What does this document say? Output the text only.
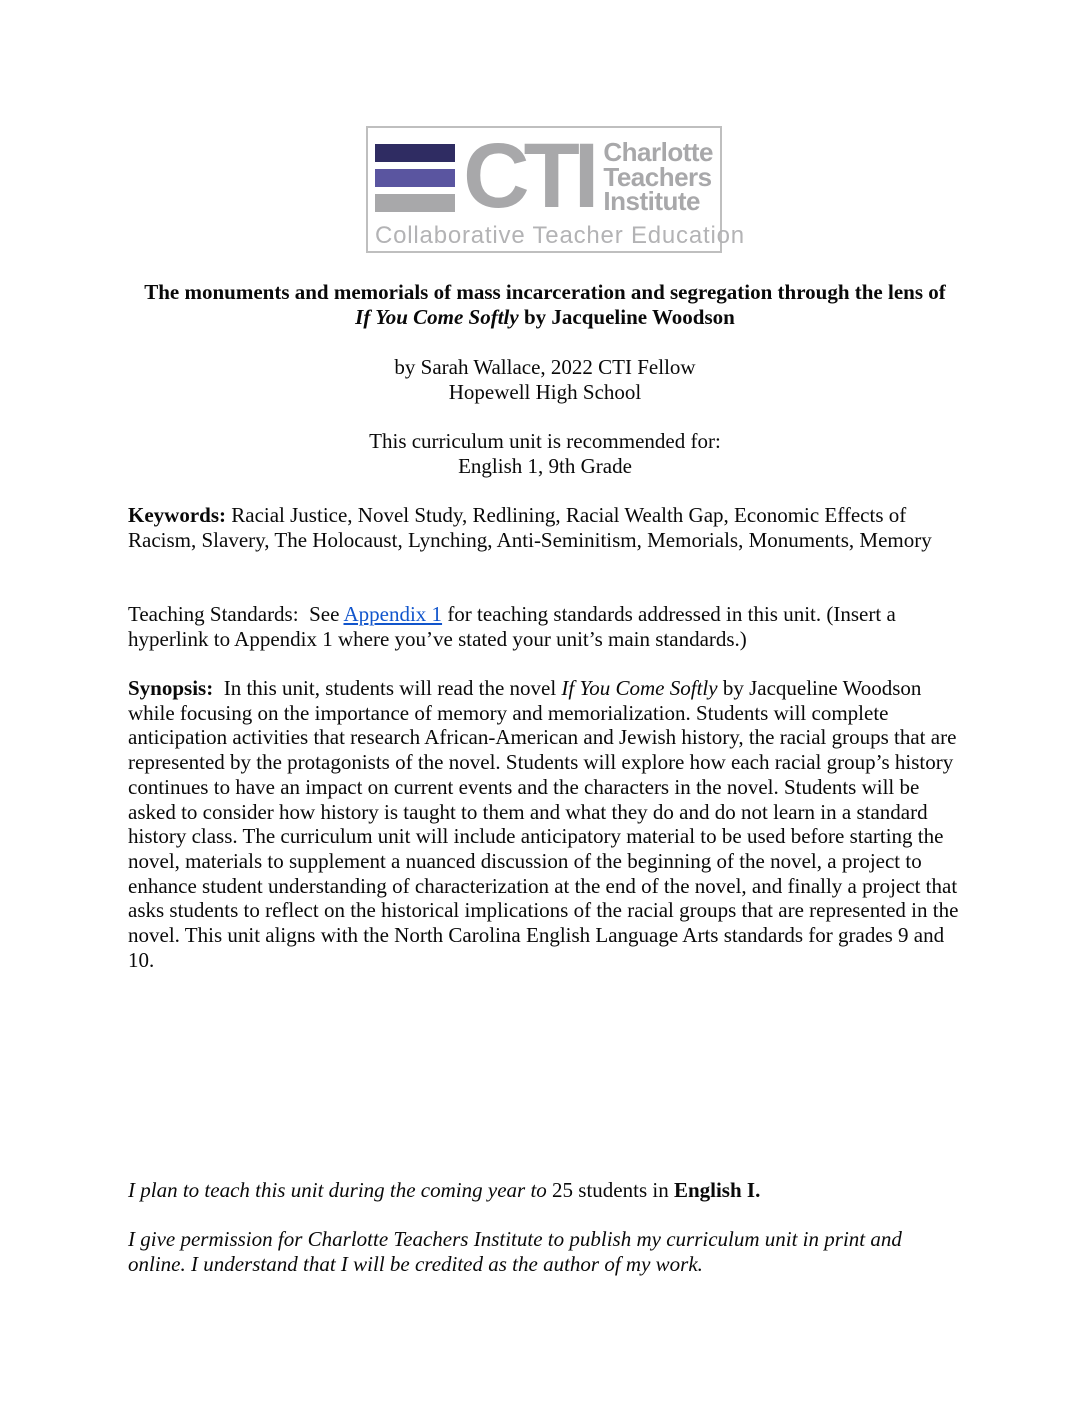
CTI Charlotte
Teachers
Institute
Collaborative Teacher Education
The monuments and memorials of mass incarceration and segregation through the lens of
If You Come Softly by Jacqueline Woodson
by Sarah Wallace, 2022 CTI Fellow
Hopewell High School
This curriculum unit is recommended for:
English 1, 9th Grade
Keywords: Racial Justice, Novel Study, Redlining, Racial Wealth Gap, Economic Effects of Racism, Slavery, The Holocaust, Lynching, Anti-Seminitism, Memorials, Monuments, Memory
Teaching Standards:  See Appendix 1 for teaching standards addressed in this unit. (Insert a hyperlink to Appendix 1 where you’ve stated your unit’s main standards.)
Synopsis:  In this unit, students will read the novel If You Come Softly by Jacqueline Woodson while focusing on the importance of memory and memorialization. Students will complete anticipation activities that research African-American and Jewish history, the racial groups that are represented by the protagonists of the novel. Students will explore how each racial group’s history continues to have an impact on current events and the characters in the novel. Students will be asked to consider how history is taught to them and what they do and do not learn in a standard history class. The curriculum unit will include anticipatory material to be used before starting the novel, materials to supplement a nuanced discussion of the beginning of the novel, a project to enhance student understanding of characterization at the end of the novel, and finally a project that asks students to reflect on the historical implications of the racial groups that are represented in the novel. This unit aligns with the North Carolina English Language Arts standards for grades 9 and 10.
I plan to teach this unit during the coming year to 25 students in English I.
I give permission for Charlotte Teachers Institute to publish my curriculum unit in print and online. I understand that I will be credited as the author of my work.
